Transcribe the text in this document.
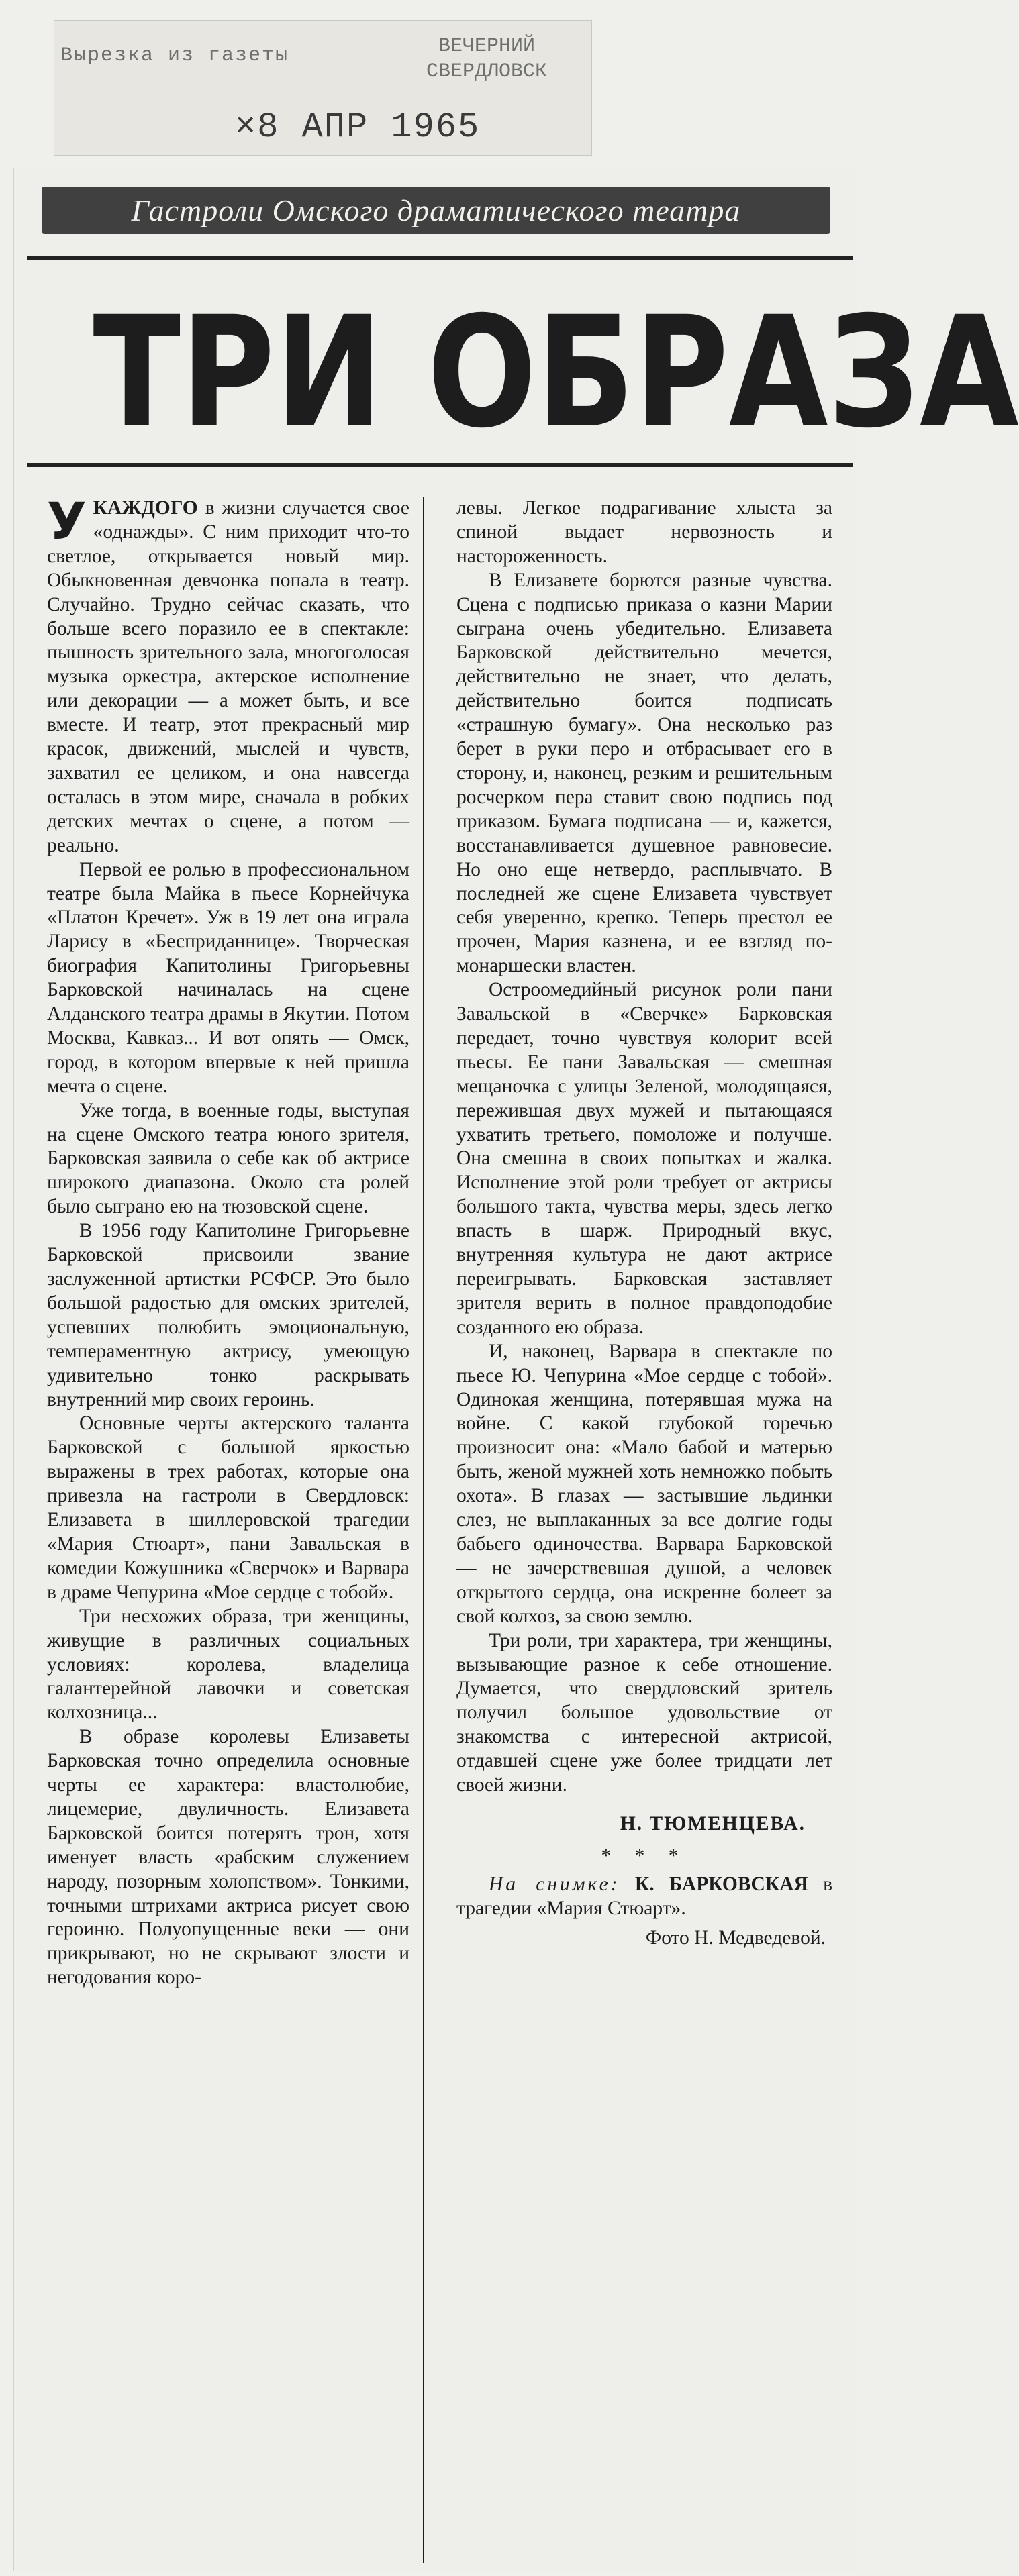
Вырезка из газеты	ВЕЧЕРНИЙ
СВЕРДЛОВСК
×8 АПР 1965
Гастроли Омского драматического театра
ТРИ ОБРАЗА

УКАЖДОГО в жизни случается свое «однажды». С ним приходит что-то светлое, открывается новый мир. Обыкновенная девчонка попала в театр. Случайно. Трудно сейчас сказать, что больше всего поразило ее в спектакле: пышность зрительного зала, многоголосая музыка оркестра, актерское исполнение или декорации — а может быть, и все вместе. И театр, этот прекрасный мир красок, движений, мыслей и чувств, захватил ее целиком, и она навсегда осталась в этом мире, сначала в робких детских мечтах о сцене, а потом — реально.

Первой ее ролью в профессиональном театре была Майка в пьесе Корнейчука «Платон Кречет». Уж в 19 лет она играла Ларису в «Бесприданнице». Творческая биография Капитолины Григорьевны Барковской начиналась на сцене Алданского театра драмы в Якутии. Потом Москва, Кавказ... И вот опять — Омск, город, в котором впервые к ней пришла мечта о сцене.

Уже тогда, в военные годы, выступая на сцене Омского театра юного зрителя, Барковская заявила о себе как об актрисе широкого диапазона. Около ста ролей было сыграно ею на тюзовской сцене.

В 1956 году Капитолине Григорьевне Барковской присвоили звание заслуженной артистки РСФСР. Это было большой радостью для омских зрителей, успевших полюбить эмоциональную, темпераментную актрису, умеющую удивительно тонко раскрывать внутренний мир своих героинь.

Основные черты актерского таланта Барковской с большой яркостью выражены в трех работах, которые она привезла на гастроли в Свердловск: Елизавета в шиллеровской трагедии «Мария Стюарт», пани Завальская в комедии Кожушника «Сверчок» и Варвара в драме Чепурина «Мое сердце с тобой».

Три несхожих образа, три женщины, живущие в различных социальных условиях: королева, владелица галантерейной лавочки и советская колхозница...

В образе королевы Елизаветы Барковская точно определила основные черты ее характера: властолюбие, лицемерие, двуличность. Елизавета Барковской боится потерять трон, хотя именует власть «рабским служением народу, позорным холопством». Тонкими, точными штрихами актриса рисует свою героиню. Полуопущенные веки — они прикрывают, но не скрывают злости и негодования коро-

левы. Легкое подрагивание хлыста за спиной выдает нервозность и настороженность.

В Елизавете борются разные чувства. Сцена с подписью приказа о казни Марии сыграна очень убедительно. Елизавета Барковской действительно мечется, действительно не знает, что делать, действительно боится подписать «страшную бумагу». Она несколько раз берет в руки перо и отбрасывает его в сторону, и, наконец, резким и решительным росчерком пера ставит свою подпись под приказом. Бумага подписана — и, кажется, восстанавливается душевное равновесие. Но оно еще нетвердо, расплывчато. В последней же сцене Елизавета чувствует себя уверенно, крепко. Теперь престол ее прочен, Мария казнена, и ее взгляд по-монаршески властен.

Остроомедийный рисунок роли пани Завальской в «Сверчке» Барковская передает, точно чувствуя колорит всей пьесы. Ее пани Завальская — смешная мещаночка с улицы Зеленой, молодящаяся, пережившая двух мужей и пытающаяся ухватить третьего, помоложе и получше. Она смешна в своих попытках и жалка. Исполнение этой роли требует от актрисы большого такта, чувства меры, здесь легко впасть в шарж. Природный вкус, внутренняя культура не дают актрисе переигрывать. Барковская заставляет зрителя верить в полное правдоподобие созданного ею образа.

И, наконец, Варвара в спектакле по пьесе Ю. Чепурина «Мое сердце с тобой». Одинокая женщина, потерявшая мужа на войне. С какой глубокой горечью произносит она: «Мало бабой и матерью быть, женой мужней хоть немножко побыть охота». В глазах — застывшие льдинки слез, не выплаканных за все долгие годы бабьего одиночества. Варвара Барковской — не зачерствевшая душой, а человек открытого сердца, она искренне болеет за свой колхоз, за свою землю.

Три роли, три характера, три женщины, вызывающие разное к себе отношение. Думается, что свердловский зритель получил большое удовольствие от знакомства с интересной актрисой, отдавшей сцене уже более тридцати лет своей жизни.

Н. ТЮМЕНЦЕВА.

* * *

На снимке: К. БАРКОВСКАЯ в трагедии «Мария Стюарт».

Фото Н. Медведевой.
